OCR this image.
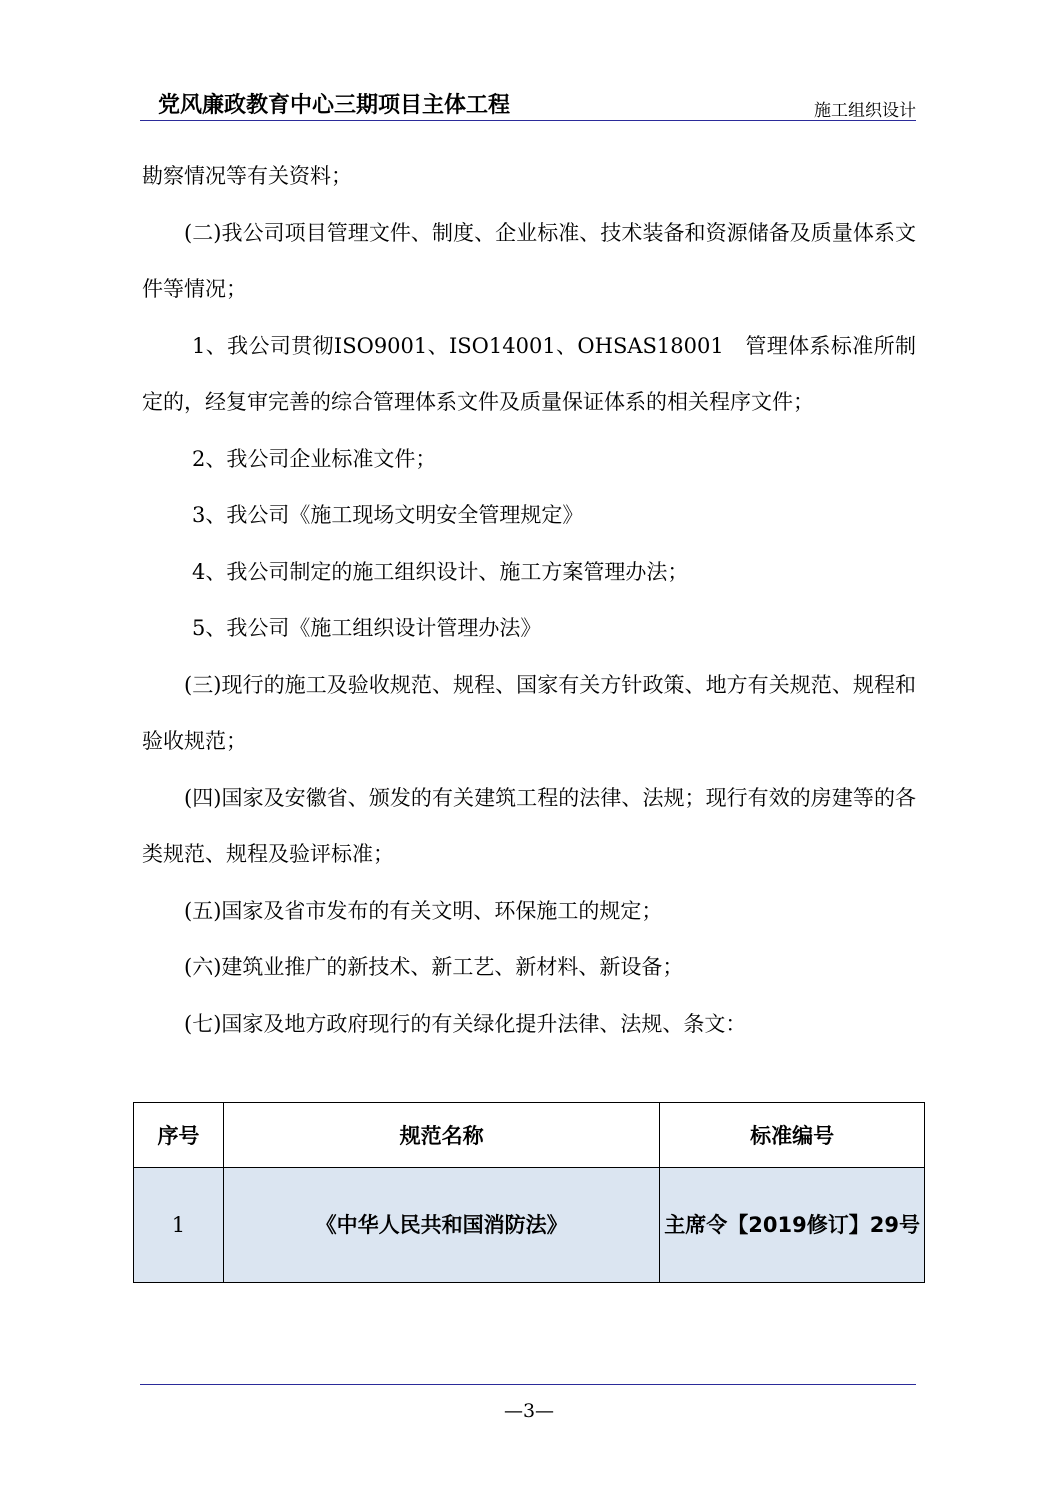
党风廉政教育中心三期项目主体工程	施工组织设计

勘察情况等有关资料；

(二)我公司项目管理文件、制度、企业标准、技术装备和资源储备及质量体系文件等情况；

1、我公司贯彻ISO9001、ISO14001、OHSAS18001　管理体系标准所制定的，经复审完善的综合管理体系文件及质量保证体系的相关程序文件；

2、我公司企业标准文件；

3、我公司《施工现场文明安全管理规定》

4、我公司制定的施工组织设计、施工方案管理办法；

5、我公司《施工组织设计管理办法》

(三)现行的施工及验收规范、规程、国家有关方针政策、地方有关规范、规程和验收规范；

(四)国家及安徽省、颁发的有关建筑工程的法律、法规；现行有效的房建等的各类规范、规程及验评标准；

(五)国家及省市发布的有关文明、环保施工的规定；

(六)建筑业推广的新技术、新工艺、新材料、新设备；

(七)国家及地方政府现行的有关绿化提升法律、法规、条文：

序号	规范名称	标准编号
1	《中华人民共和国消防法》	主席令【2019修订】29号
—3—
